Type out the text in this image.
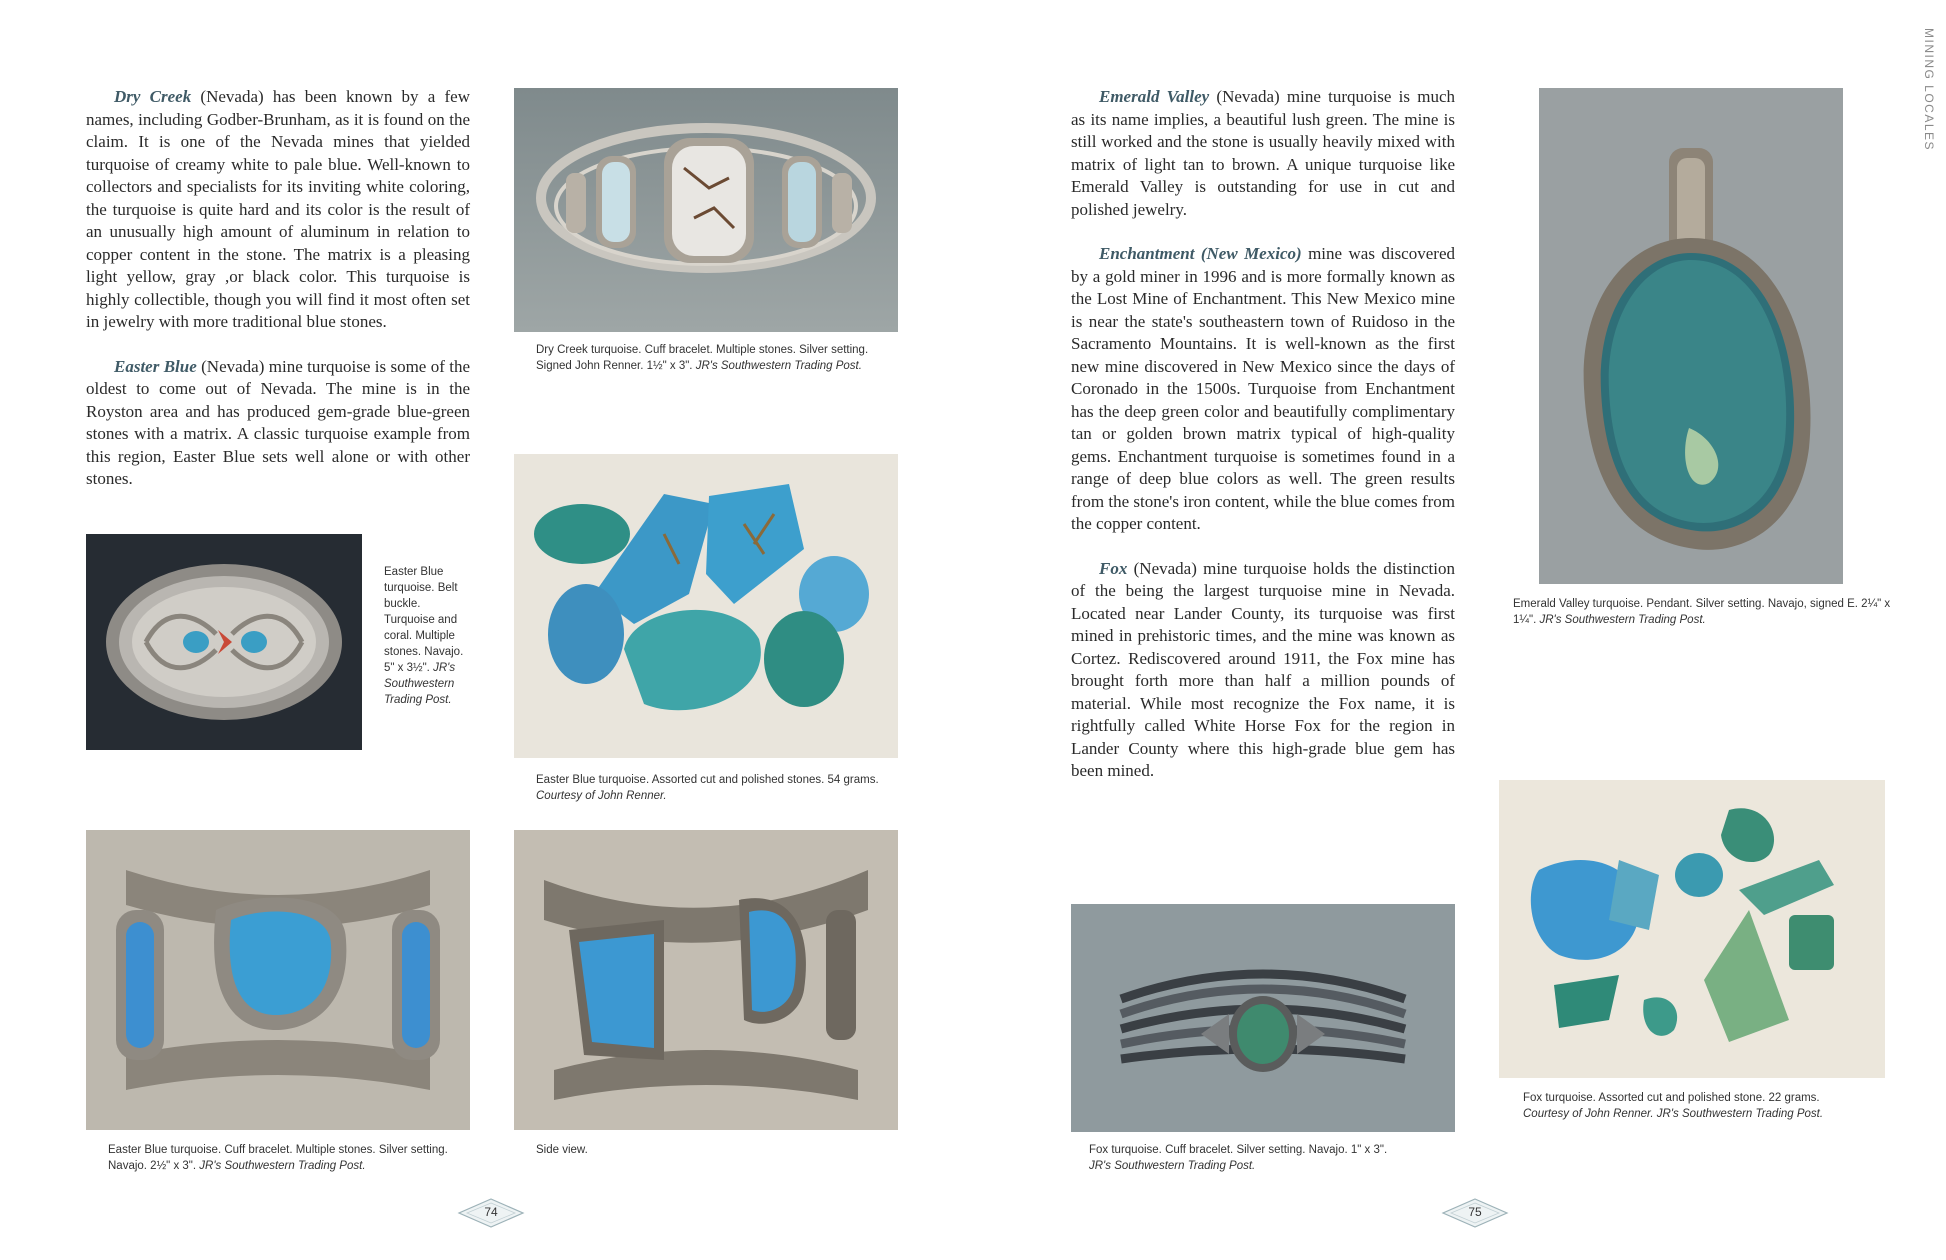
Dry Creek (Nevada) has been known by a few names, including Godber-Brunham, as it is found on the claim. It is one of the Nevada mines that yielded turquoise of creamy white to pale blue. Well-known to collectors and specialists for its inviting white coloring, the turquoise is quite hard and its color is the result of an unusually high amount of aluminum in relation to copper content in the stone. The matrix is a pleasing light yellow, gray ,or black color. This turquoise is highly collectible, though you will find it most often set in jewelry with more traditional blue stones.

Easter Blue (Nevada) mine turquoise is some of the oldest to come out of Nevada. The mine is in the Royston area and has produced gem-grade blue-green stones with a matrix. A classic turquoise example from this region, Easter Blue sets well alone or with other stones.

Dry Creek turquoise. Cuff bracelet. Multiple stones. Silver setting. Signed John Renner. 1½" x 3". JR's Southwestern Trading Post.
Easter Blue turquoise. Belt buckle. Turquoise and coral. Multiple stones. Navajo. 5" x 3½". JR's Southwestern Trading Post.
Easter Blue turquoise. Assorted cut and polished stones. 54 grams.
Courtesy of John Renner.
Easter Blue turquoise. Cuff bracelet. Multiple stones. Silver setting. Navajo. 2½" x 3". JR's Southwestern Trading Post.
Side view.
74
MINING LOCALES

Emerald Valley (Nevada) mine turquoise is much as its name implies, a beautiful lush green. The mine is still worked and the stone is usually heavily mixed with matrix of light tan to brown. A unique turquoise like Emerald Valley is outstanding for use in cut and polished jewelry.

Enchantment (New Mexico) mine was discovered by a gold miner in 1996 and is more formally known as the Lost Mine of Enchantment. This New Mexico mine is near the state's southeastern town of Ruidoso in the Sacramento Mountains. It is well-known as the first new mine discovered in New Mexico since the days of Coronado in the 1500s. Turquoise from Enchantment has the deep green color and beautifully complimentary tan or golden brown matrix typical of high-quality gems. Enchantment turquoise is sometimes found in a range of deep blue colors as well. The green results from the stone's iron content, while the blue comes from the copper content.

Fox (Nevada) mine turquoise holds the distinction of the being the largest turquoise mine in Nevada. Located near Lander County, its turquoise was first mined in prehistoric times, and the mine was known as Cortez. Rediscovered around 1911, the Fox mine has brought forth more than half a million pounds of material. While most recognize the Fox name, it is rightfully called White Horse Fox for the region in Lander County where this high-grade blue gem has been mined.

Emerald Valley turquoise. Pendant. Silver setting. Navajo, signed E. 2¼" x 1¼". JR's Southwestern Trading Post.
Fox turquoise. Assorted cut and polished stone. 22 grams.
Courtesy of John Renner. JR's Southwestern Trading Post.
Fox turquoise. Cuff bracelet. Silver setting. Navajo. 1" x 3".
JR's Southwestern Trading Post.
75
